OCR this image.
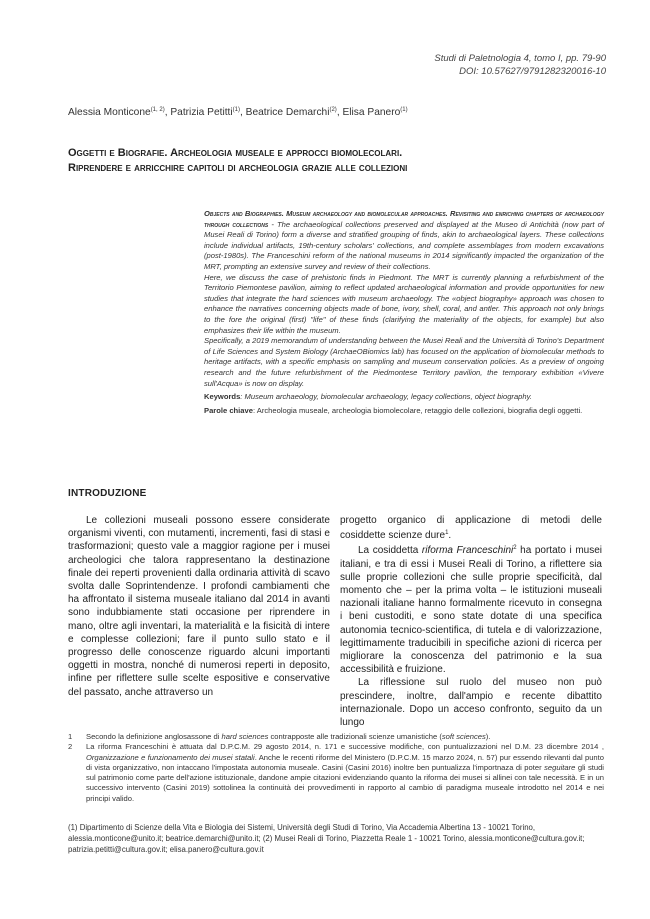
Studi di Paletnologia 4, tomo I, pp. 79-90
DOI: 10.57627/9791282320016-10
Alessia Monticone$^{(1, 2)}$, Patrizia Petitti$^{(1)}$, Beatrice Demarchi$^{(2)}$, Elisa Panero$^{(1)}$
Oggetti e Biografie. Archeologia museale e approcci biomolecolari.
Riprendere e arricchire capitoli di archeologia grazie alle collezioni

Objects and Biographies. Museum archaeology and biomolecular approaches. Revisiting and enriching chapters of archaeology through collections - The archaeological collections preserved and displayed at the Museo di Antichità (now part of Musei Reali di Torino) form a diverse and stratified grouping of finds, akin to archaeological layers. These collections include individual artifacts, 19th-century scholars' collections, and complete assemblages from modern excavations (post-1980s). The Franceschini reform of the national museums in 2014 significantly impacted the organization of the MRT, prompting an extensive survey and review of their collections.

Here, we discuss the case of prehistoric finds in Piedmont. The MRT is currently planning a refurbishment of the Territorio Piemontese pavilion, aiming to reflect updated archaeological information and provide opportunities for new studies that integrate the hard sciences with museum archaeology. The «object biography» approach was chosen to enhance the narratives concerning objects made of bone, ivory, shell, coral, and antler. This approach not only brings to the fore the original (first) "life" of these finds (clarifying the materiality of the objects, for example) but also emphasizes their life within the museum.

Specifically, a 2019 memorandum of understanding between the Musei Reali and the Università di Torino's Department of Life Sciences and System Biology (ArchaeOBiomics lab) has focused on the application of biomolecular methods to heritage artifacts, with a specific emphasis on sampling and museum conservation policies. As a preview of ongoing research and the future refurbishment of the Piedmontese Territory pavilion, the temporary exhibition «Vivere sull'Acqua» is now on display.

Keywords: Museum archaeology, biomolecular archaeology, legacy collections, object biography.

Parole chiave: Archeologia museale, archeologia biomolecolare, retaggio delle collezioni, biografia degli oggetti.

INTRODUZIONE

Le collezioni museali possono essere considerate organismi viventi, con mutamenti, incrementi, fasi di stasi e trasformazioni; questo vale a maggior ragione per i musei archeologici che talora rappresentano la destinazione finale dei reperti provenienti dalla ordinaria attività di scavo svolta dalle Soprintendenze. I profondi cambiamenti che ha affrontato il sistema museale italiano dal 2014 in avanti sono indubbiamente stati occasione per riprendere in mano, oltre agli inventari, la materialità e la fisicità di intere e complesse collezioni; fare il punto sullo stato e il progresso delle conoscenze riguardo alcuni importanti oggetti in mostra, nonché di numerosi reperti in deposito, infine per riflettere sulle scelte espositive e conservative del passato, anche attraverso un

progetto organico di applicazione di metodi delle cosiddette scienze dure$^1$.

La cosiddetta riforma Franceschini$^2$ ha portato i musei italiani, e tra di essi i Musei Reali di Torino, a riflettere sia sulle proprie collezioni che sulle proprie specificità, dal momento che – per la prima volta – le istituzioni museali nazionali italiane hanno formalmente ricevuto in consegna i beni custoditi, e sono state dotate di una specifica autonomia tecnico-scientifica, di tutela e di valorizzazione, legittimamente traducibili in specifiche azioni di ricerca per migliorare la conoscenza del patrimonio e la sua accessibilità e fruizione.

La riflessione sul ruolo del museo non può prescindere, inoltre, dall'ampio e recente dibattito internazionale. Dopo un acceso confronto, seguito da un lungo

1	Secondo la definizione anglosassone di hard sciences contrapposte alle tradizionali scienze umanistiche (soft sciences).
2	La riforma Franceschini è attuata dal D.P.C.M. 29 agosto 2014, n. 171 e successive modifiche, con puntualizzazioni nel D.M. 23 dicembre 2014 , Organizzazione e funzionamento dei musei statali. Anche le recenti riforme del Ministero (D.P.C.M. 15 marzo 2024, n. 57) pur essendo rilevanti dal punto di vista organizzativo, non intaccano l'impostata autonomia museale. Casini (Casini 2016) inoltre ben puntualizza l'importnaza di poter seguitare gli studi sul patrimonio come parte dell'azione istituzionale, dandone ampie citazioni evidenziando quanto la riforma dei musei si allinei con tale necessità. E in un successivo intervento (Casini 2019) sottolinea la continuità dei provvedimenti in rapporto al cambio di paradigma museale introdotto nel 2014 e nei principi valido.
(1) Dipartimento di Scienze della Vita e Biologia dei Sistemi, Università degli Studi di Torino, Via Accademia Albertina 13 - 10021 Torino, alessia.monticone@unito.it; beatrice.demarchi@unito.it; (2) Musei Reali di Torino, Piazzetta Reale 1 - 10021 Torino, alessia.monticone@cultura.gov.it; patrizia.petitti@cultura.gov.it; elisa.panero@cultura.gov.it
